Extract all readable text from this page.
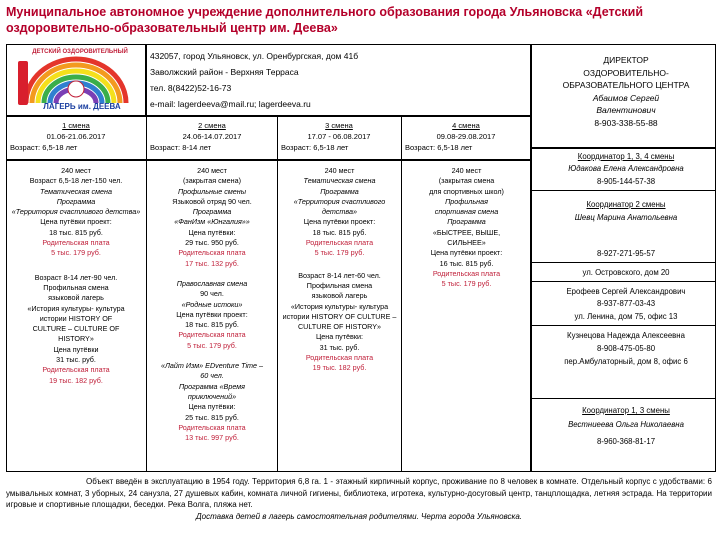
Муниципальное автономное учреждение дополнительного образования города Ульяновска «Детский оздоровительно-образовательный центр им. Деева»
ДЕТСКИЙ ОЗДОРОВИТЕЛЬНЫЙ
ЛАГЕРЬ им. ДЕЕВА
432057, город Ульяновск, ул. Оренбургская, дом 41б
Заволжский район - Верхняя Терраса
тел. 8(8422)52-16-73
e-mail: lagerdeeva@mail.ru; lagerdeeva.ru
ДИРЕКТОР
ОЗДОРОВИТЕЛЬНО-ОБРАЗОВАТЕЛЬНОГО ЦЕНТРА
Абаимов Сергей Валентинович
8-903-338-55-88
1 смена
01.06-21.06.2017
Возраст: 6,5-18 лет
2 смена
24.06-14.07.2017
Возраст: 8-14 лет
3 смена
17.07 - 06.08.2017
Возраст: 6,5-18 лет
4 смена
09.08-29.08.2017
Возраст: 6,5-18 лет
240 мест
Возраст 6,5-18 лет-150 чел.
Тематическая смена
Программа
«Территория счастливого детства»
Цена путёвки проект:
18 тыс. 815 руб.
Родительская плата
5 тыс. 179 руб.
Возраст 8-14 лет-90 чел.
Профильная смена
языковой лагерь
«История культуры- культура истории HISTORY OF CULTURE – CULTURE OF HISTORY»
Цена путёвки
31 тыс. руб.
Родительская плата
19 тыс. 182 руб.
240 мест
(закрытая смена)
Профильные смены
Языковой отряд 90 чел.
Программа
«ФанИзм «Юнгалия»»
Цена путёвки:
29 тыс. 950 руб.
Родительская плата
17 тыс. 132 руб.
Православная смена
90 чел.
«Родные истоки»
Цена путёвки проект:
18 тыс. 815 руб.
Родительская плата
5 тыс. 179 руб.
«Лайт Изм» EDventure Time – 60 чел.
Программа «Время приключений»
Цена путёвки:
25 тыс. 815 руб.
Родительская плата
13 тыс. 997 руб.
240 мест
Тематическая смена
Программа
«Территория счастливого детства»
Цена путёвки проект:
18 тыс. 815 руб.
Родительская плата
5 тыс. 179 руб.
Возраст 8-14 лет-60 чел.
Профильная смена
языковой лагерь
«История культуры- культура истории HISTORY OF CULTURE – CULTURE OF HISTORY»
Цена путёвки:
31 тыс. руб.
Родительская плата
19 тыс. 182 руб.
240 мест
(закрытая смена
для спортивных школ)
Профильная
спортивная смена
Программа
«БЫСТРЕЕ, ВЫШЕ, СИЛЬНЕЕ»
Цена путёвки проект:
16 тыс. 815 руб.
Родительская плата
5 тыс. 179 руб.
Координатор 1, 3, 4 смены
Юдакова Елена Александровна
8-905-144-57-38
Координатор 2 смены
Шевц Марина Анатольевна
8-927-271-95-57
ул. Островского, дом 20
Ерофеев Сергей Александрович
8-937-877-03-43
ул. Ленина, дом 75, офис 13
Кузнецова Надежда Алексеевна
8-908-475-05-80
пер.Амбулаторный, дом 8, офис 6
Координатор 1, 3 смены
Вестниеева Ольга Николаевна
8-960-368-81-17
Объект введён в эксплуатацию в 1954 году. Территория 6,8 га. 1 - этажный кирпичный корпус, проживание по 8 человек в комнате. Отдельный корпус с удобствами: 6 умывальных комнат, 3 уборных, 24 санузла, 27 душевых кабин, комната личной гигиены, библиотека, игротека, культурно-досуговый центр, танцплощадка, летняя эстрада. На территории игровые и спортивные площадки, беседки. Река Волга, пляжа нет.
Доставка детей в лагерь самостоятельная родителями. Черта города Ульяновска.
